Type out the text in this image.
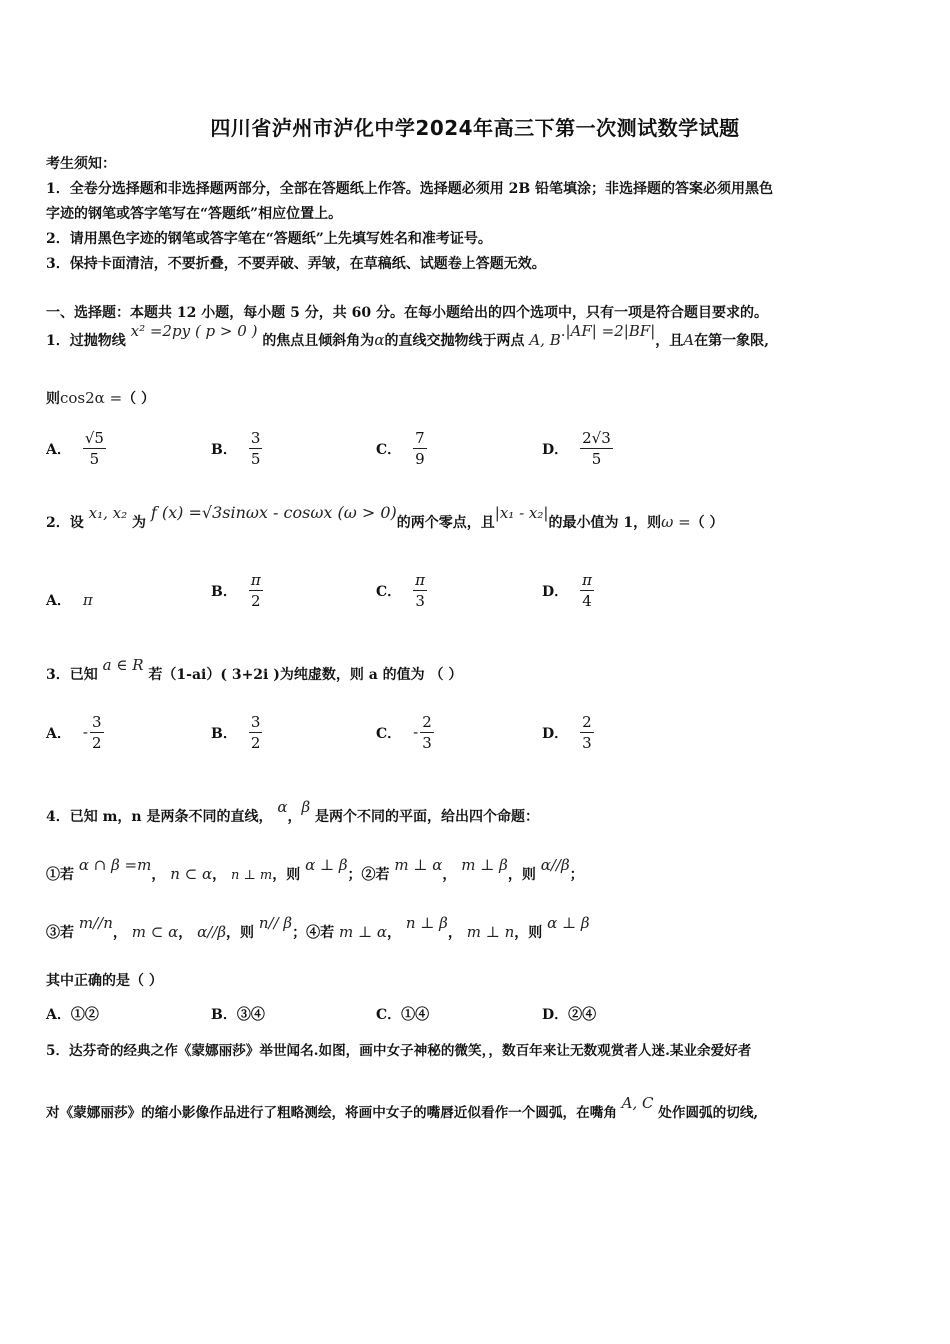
四川省泸州市泸化中学2024年高三下第一次测试数学试题
考生须知：
1．全卷分选择题和非选择题两部分，全部在答题纸上作答。选择题必须用 2B 铅笔填涂；非选择题的答案必须用黑色
字迹的钢笔或答字笔写在“答题纸”相应位置上。
2．请用黑色字迹的钢笔或答字笔在“答题纸”上先填写姓名和准考证号。
3．保持卡面清洁，不要折叠，不要弄破、弄皱，在草稿纸、试题卷上答题无效。
一、选择题：本题共 12 小题，每小题 5 分，共 60 分。在每小题给出的四个选项中，只有一项是符合题目要求的。
1．过抛物线 x² =2py ( p > 0 ) 的焦点且倾斜角为α的直线交抛物线于两点 A, B.|AF| =2|BF|，且A在第一象限,
则cos2α =（ ）
A． $\frac{√5}{5}$	B． $\frac{3}{5}$	C． $\frac{7}{9}$	D． $\frac{2√3}{5}$
2．设 x₁, x₂ 为 f (x) =√3sinωx - cosωx (ω > 0)的两个零点，且|x₁ - x₂|的最小值为 1，则ω =（ ）
A． π	B． $\frac{\pi}{2}$	C． $\frac{\pi}{3}$	D． $\frac{\pi}{4}$
3．已知 a ∈ R 若（1-ai）( 3+2i )为纯虚数，则 a 的值为 （ ）
A． - $\frac{3}{2}$	B． $\frac{3}{2}$	C． - $\frac{2}{3}$	D． $\frac{2}{3}$
4．已知 m，n 是两条不同的直线， α，β 是两个不同的平面，给出四个命题：
①若 α ∩ β =m， n ⊂ α， n ⊥ m，则 α ⊥ β；②若 m ⊥ α， m ⊥ β，则 α//β；
③若 m//n， m ⊂ α， α//β，则 n// β；④若 m ⊥ α， n ⊥ β， m ⊥ n，则 α ⊥ β
其中正确的是（ ）
A．①②	B．③④	C．①④	D．②④
5．达芬奇的经典之作《蒙娜丽莎》举世闻名.如图，画中女子神秘的微笑，，数百年来让无数观赏者人迷.某业余爱好者
对《蒙娜丽莎》的缩小影像作品进行了粗略测绘，将画中女子的嘴唇近似看作一个圆弧，在嘴角 A, C 处作圆弧的切线,
